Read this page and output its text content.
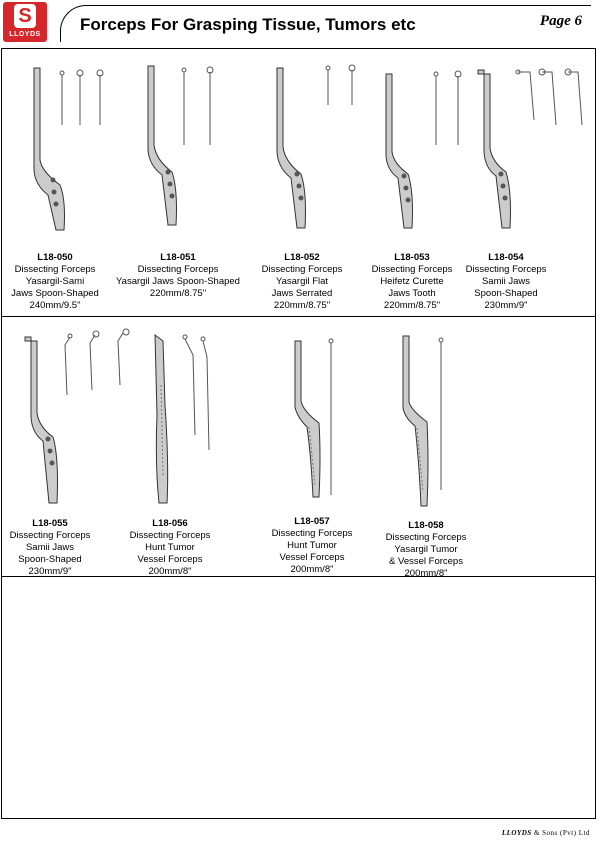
S
LLOYDS
Forceps For Grasping Tissue, Tumors etc	Page 6
L18-050
Dissecting Forceps
Yasargil-Sami
Jaws Spoon-Shaped
240mm/9.5"
L18-051
Dissecting Forceps
Yasargil Jaws Spoon-Shaped
220mm/8.75"
L18-052
Dissecting Forceps
Yasargil Flat
Jaws Serrated
220mm/8.75"
L18-053
Dissecting Forceps
Heifetz Curette
Jaws Tooth
220mm/8.75"
L18-054
Dissecting Forceps
Samii Jaws
Spoon-Shaped
230mm/9"
L18-055
Dissecting Forceps
Samii Jaws
Spoon-Shaped
230mm/9"
L18-056
Dissecting Forceps
Hunt Tumor
Vessel Forceps
200mm/8"
L18-057
Dissecting Forceps
Hunt Tumor
Vessel Forceps
200mm/8"
L18-058
Dissecting Forceps
Yasargil Tumor
& Vessel Forceps
200mm/8"
LLOYDS & Sons (Pvt) Ltd
